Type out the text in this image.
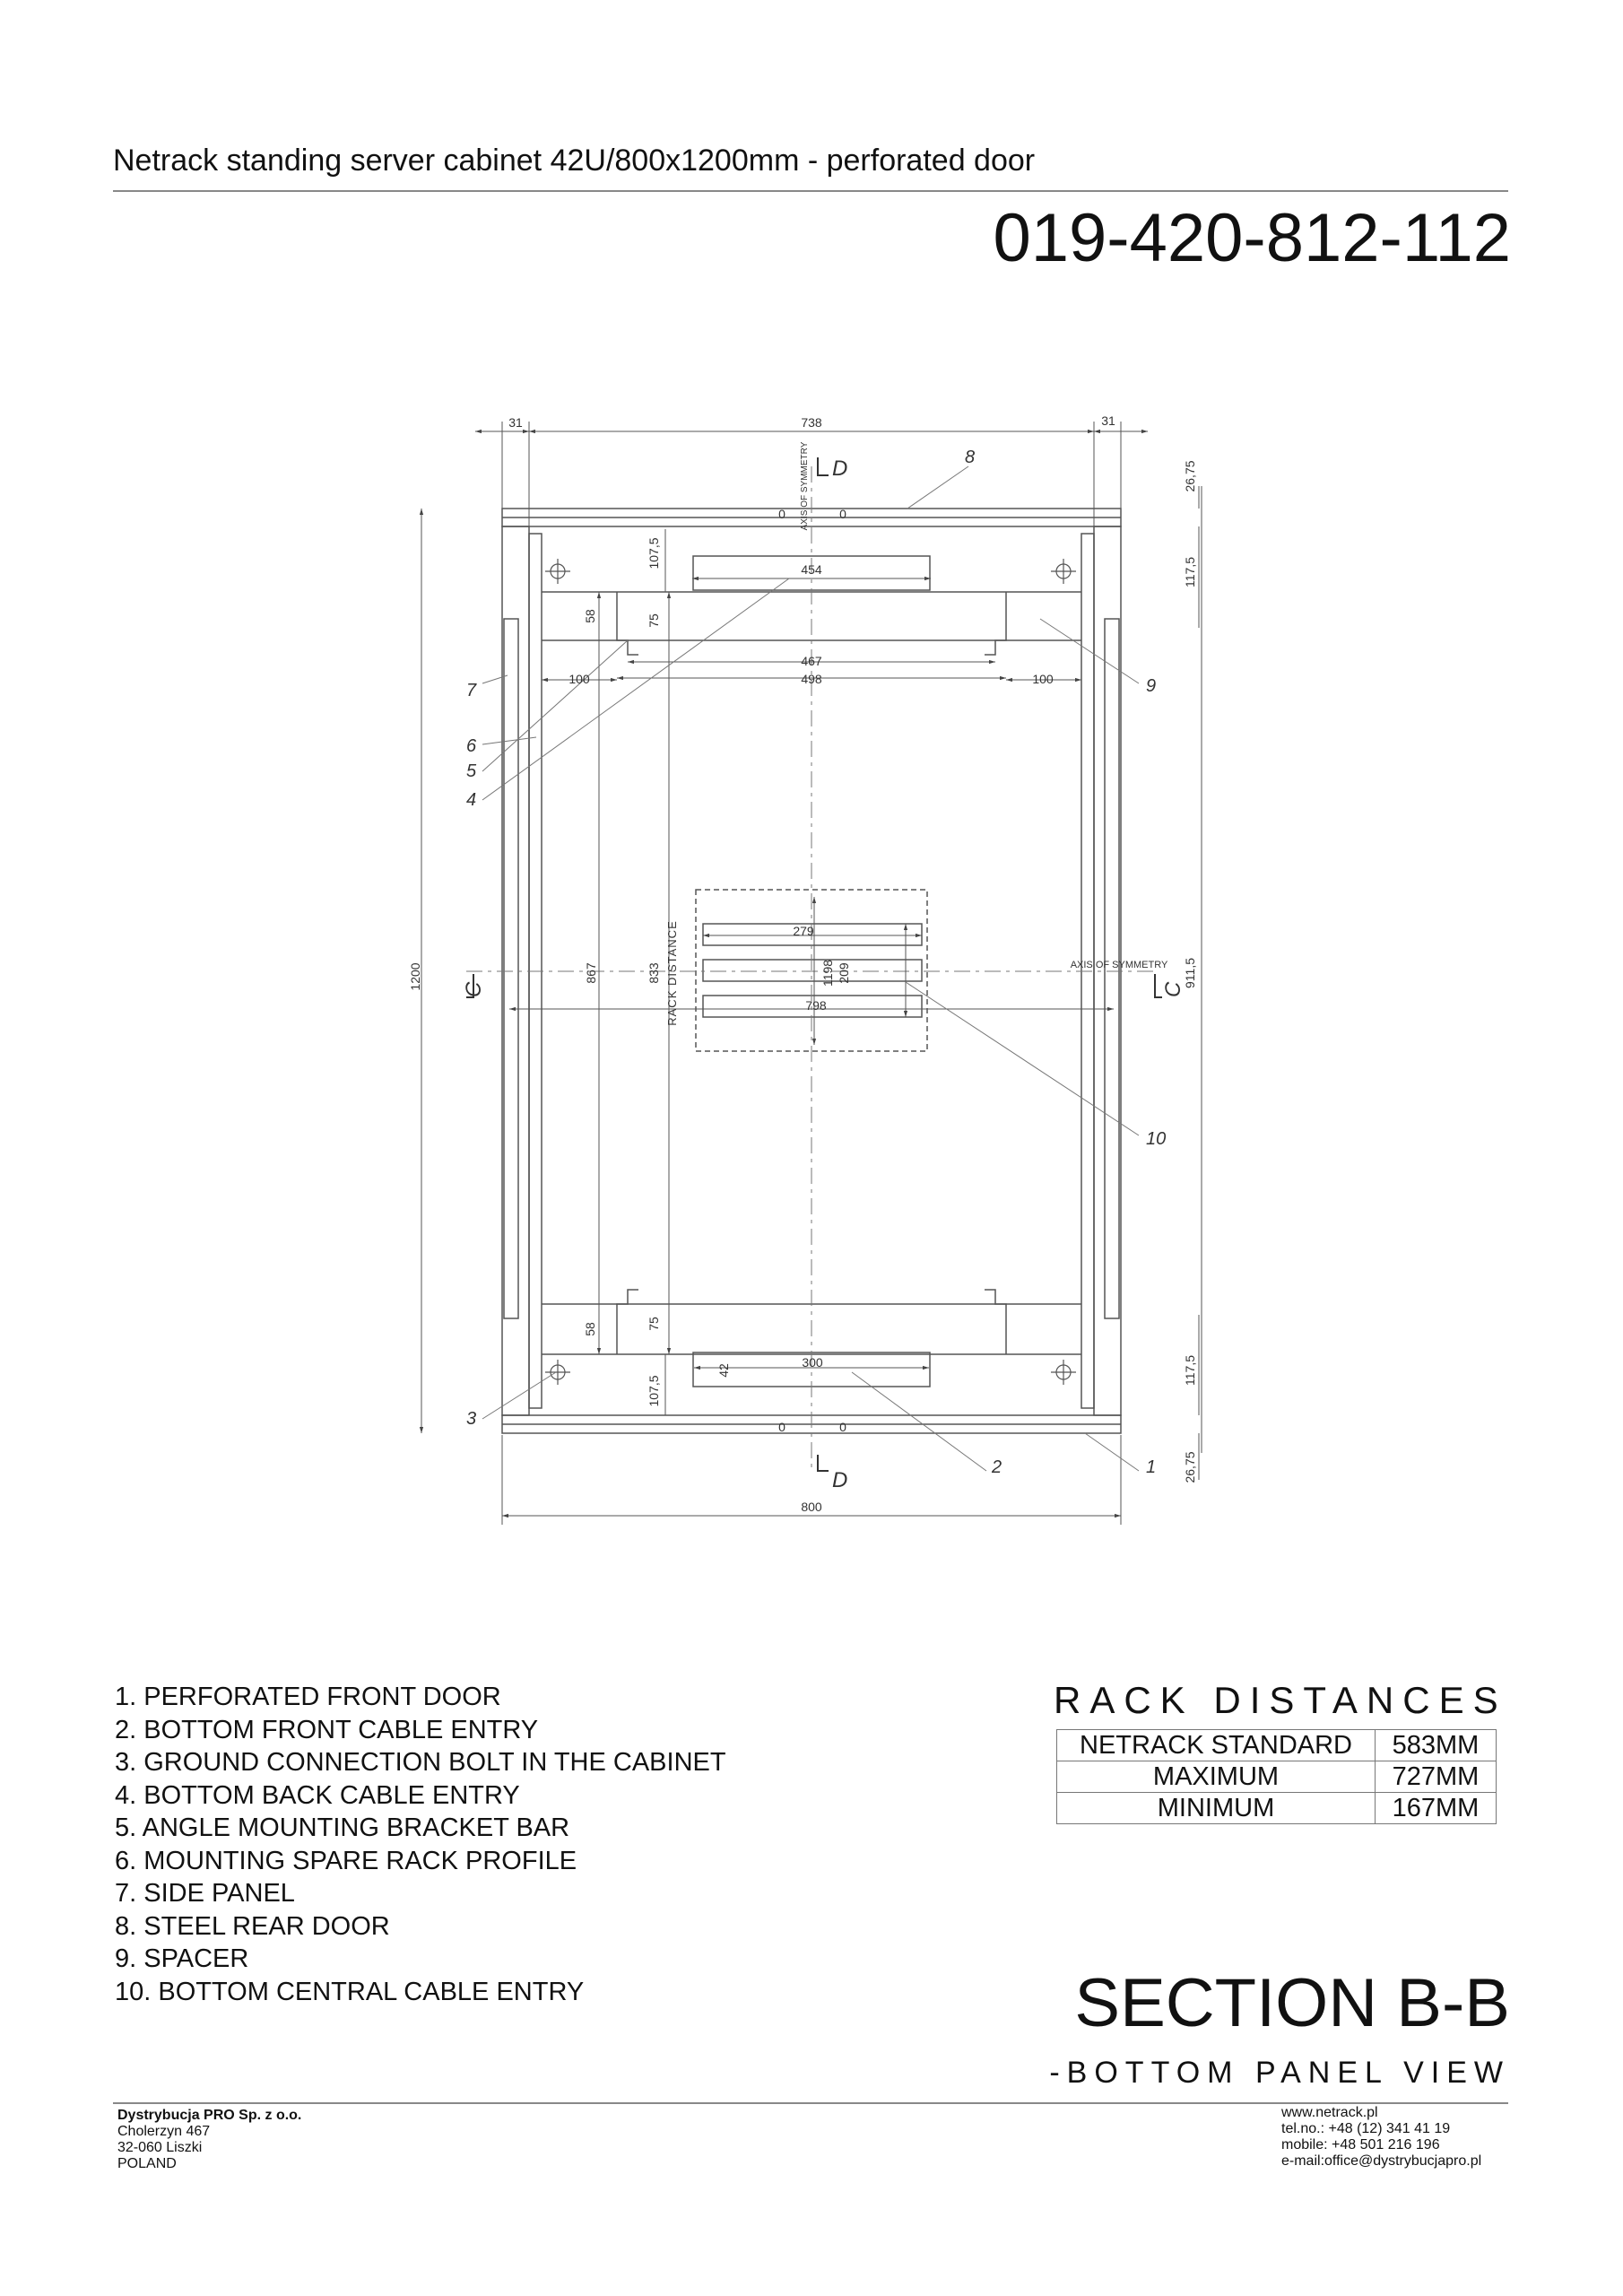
Netrack standing server cabinet 42U/800x1200mm - perforated door
019-420-812-112
31	738	31
454
467
498
100	100
279
798
300
800
0
0
0
0
26,75
117,5
107,5
58	75
1200	867	833	1198 209	911,5
117,5
58	75
107,5
42
26,75
RACK DISTANCE
AXIS OF SYMMETRY
AXIS OF SYMMETRY
D
D
C	C
8
9
10
2	1
7
6
5
4
3
1. PERFORATED FRONT DOOR
2. BOTTOM FRONT CABLE ENTRY
3. GROUND CONNECTION BOLT IN THE CABINET
4. BOTTOM BACK CABLE ENTRY
5. ANGLE MOUNTING BRACKET BAR
6. MOUNTING SPARE RACK PROFILE
7. SIDE PANEL
8. STEEL REAR DOOR
9. SPACER
10. BOTTOM CENTRAL CABLE ENTRY
RACK DISTANCES
NETRACK STANDARD	583MM
MAXIMUM	727MM
MINIMUM	167MM
SECTION B-B
-BOTTOM PANEL VIEW
Dystrybucja PRO Sp. z o.o.
Cholerzyn 467
32-060 Liszki
POLAND
www.netrack.pl
tel.no.: +48 (12) 341 41 19
mobile: +48 501 216 196
e-mail:office@dystrybucjapro.pl
